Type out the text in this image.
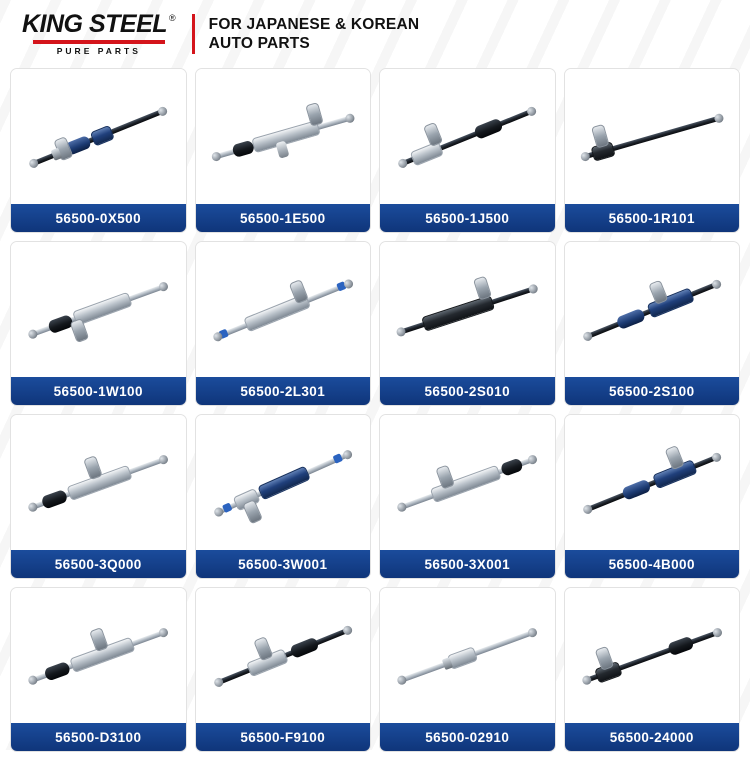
KING STEEL ®
PURE PARTS
FOR JAPANESE & KOREAN
AUTO PARTS
56500-0X500	56500-1E500	56500-1J500	56500-1R101
56500-1W100	56500-2L301	56500-2S010	56500-2S100
56500-3Q000	56500-3W001	56500-3X001	56500-4B000
56500-D3100	56500-F9100	56500-02910	56500-24000
